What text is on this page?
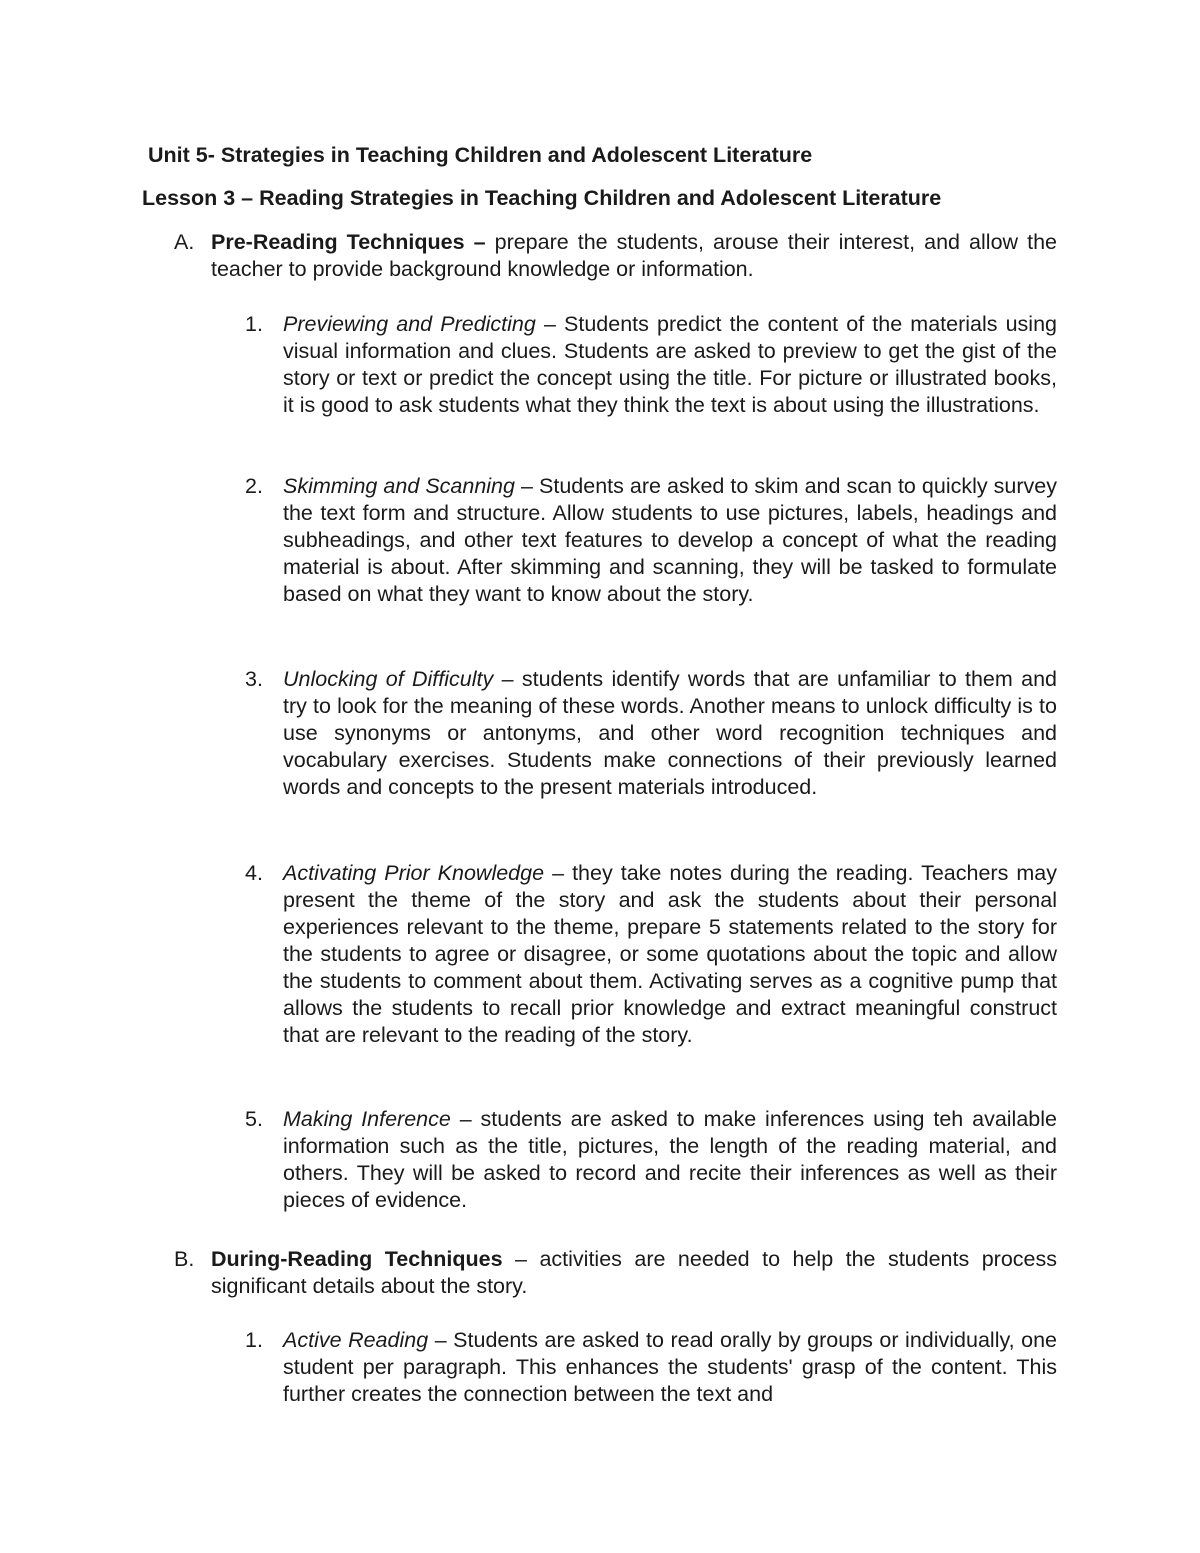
Unit 5- Strategies in Teaching Children and Adolescent Literature
Lesson 3 – Reading Strategies in Teaching Children and Adolescent Literature

A. Pre-Reading Techniques – prepare the students, arouse their interest, and allow the teacher to provide background knowledge or information.

1. Previewing and Predicting – Students predict the content of the materials using visual information and clues. Students are asked to preview to get the gist of the story or text or predict the concept using the title. For picture or illustrated books, it is good to ask students what they think the text is about using the illustrations.

2. Skimming and Scanning – Students are asked to skim and scan to quickly survey the text form and structure. Allow students to use pictures, labels, headings and subheadings, and other text features to develop a concept of what the reading material is about. After skimming and scanning, they will be tasked to formulate based on what they want to know about the story.

3. Unlocking of Difficulty – students identify words that are unfamiliar to them and try to look for the meaning of these words. Another means to unlock difficulty is to use synonyms or antonyms, and other word recognition techniques and vocabulary exercises. Students make connections of their previously learned words and concepts to the present materials introduced.

4. Activating Prior Knowledge – they take notes during the reading. Teachers may present the theme of the story and ask the students about their personal experiences relevant to the theme, prepare 5 statements related to the story for the students to agree or disagree, or some quotations about the topic and allow the students to comment about them. Activating serves as a cognitive pump that allows the students to recall prior knowledge and extract meaningful construct that are relevant to the reading of the story.

5. Making Inference – students are asked to make inferences using teh available information such as the title, pictures, the length of the reading material, and others. They will be asked to record and recite their inferences as well as their pieces of evidence.

B. During-Reading Techniques – activities are needed to help the students process significant details about the story.

1. Active Reading – Students are asked to read orally by groups or individually, one student per paragraph. This enhances the students' grasp of the content. This further creates the connection between the text and
